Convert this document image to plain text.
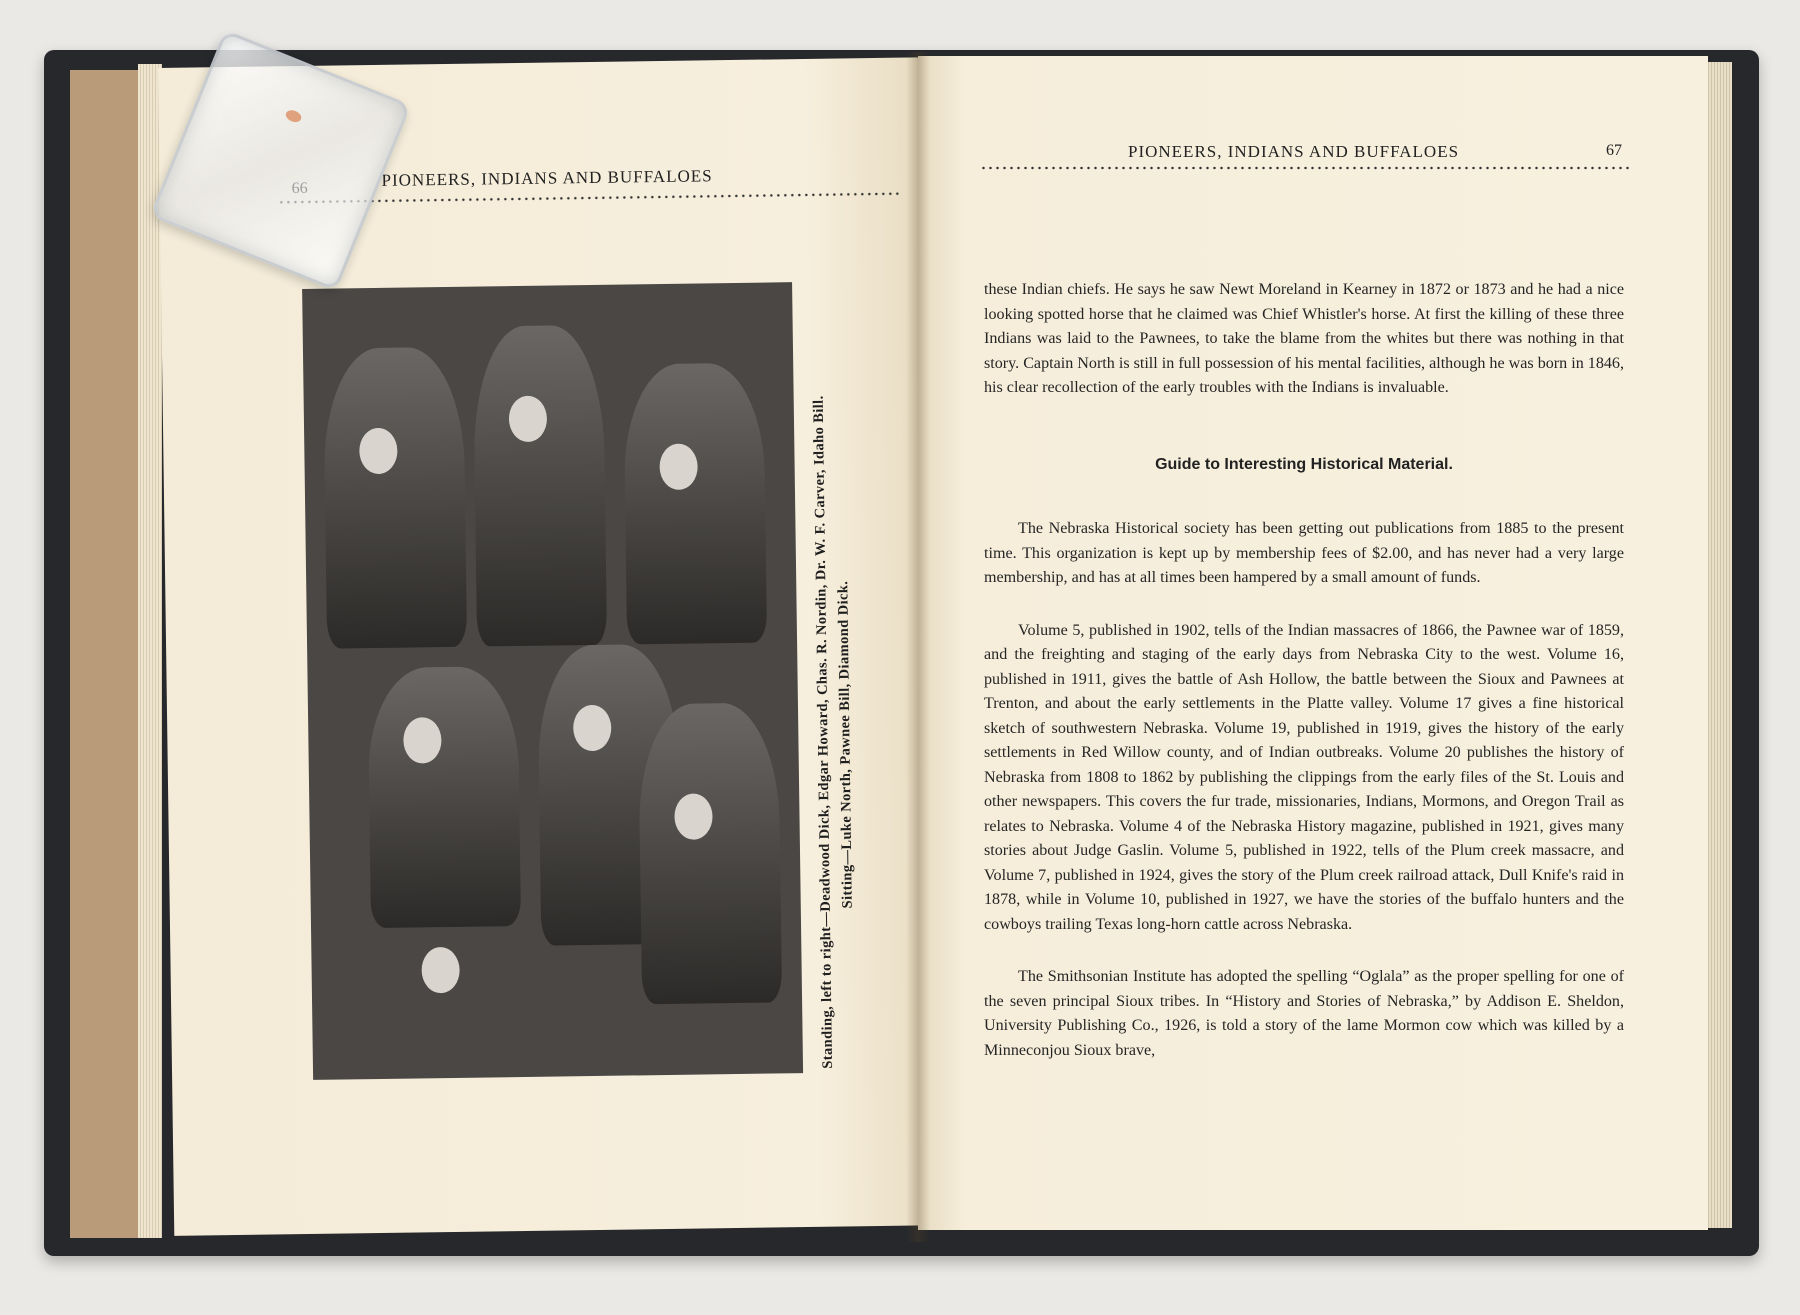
PIONEERS, INDIANS AND BUFFALOES
Standing, left to right—Deadwood Dick, Edgar Howard, Chas. R. Nordin, Dr. W. F. Carver, Idaho Bill. Sitting—Luke North, Pawnee Bill, Diamond Dick.
PIONEERS, INDIANS AND BUFFALOES	67

these Indian chiefs. He says he saw Newt Moreland in Kearney in 1872 or 1873 and he had a nice looking spotted horse that he claimed was Chief Whistler's horse. At first the killing of these three Indians was laid to the Pawnees, to take the blame from the whites but there was nothing in that story. Captain North is still in full possession of his mental facilities, although he was born in 1846, his clear recollection of the early troubles with the Indians is invaluable.

Guide to Interesting Historical Material.

The Nebraska Historical society has been getting out publications from 1885 to the present time. This organization is kept up by membership fees of $2.00, and has never had a very large membership, and has at all times been hampered by a small amount of funds.

Volume 5, published in 1902, tells of the Indian massacres of 1866, the Pawnee war of 1859, and the freighting and staging of the early days from Nebraska City to the west. Volume 16, published in 1911, gives the battle of Ash Hollow, the battle between the Sioux and Pawnees at Trenton, and about the early settlements in the Platte valley. Volume 17 gives a fine historical sketch of southwestern Nebraska. Volume 19, published in 1919, gives the history of the early settlements in Red Willow county, and of Indian outbreaks. Volume 20 publishes the history of Nebraska from 1808 to 1862 by publishing the clippings from the early files of the St. Louis and other newspapers. This covers the fur trade, missionaries, Indians, Mormons, and Oregon Trail as relates to Nebraska. Volume 4 of the Nebraska History magazine, published in 1921, gives many stories about Judge Gaslin. Volume 5, published in 1922, tells of the Plum creek massacre, and Volume 7, published in 1924, gives the story of the Plum creek railroad attack, Dull Knife's raid in 1878, while in Volume 10, published in 1927, we have the stories of the buffalo hunters and the cowboys trailing Texas long-horn cattle across Nebraska.

The Smithsonian Institute has adopted the spelling “Oglala” as the proper spelling for one of the seven principal Sioux tribes. In “History and Stories of Nebraska,” by Addison E. Sheldon, University Publishing Co., 1926, is told a story of the lame Mormon cow which was killed by a Minneconjou Sioux brave,
